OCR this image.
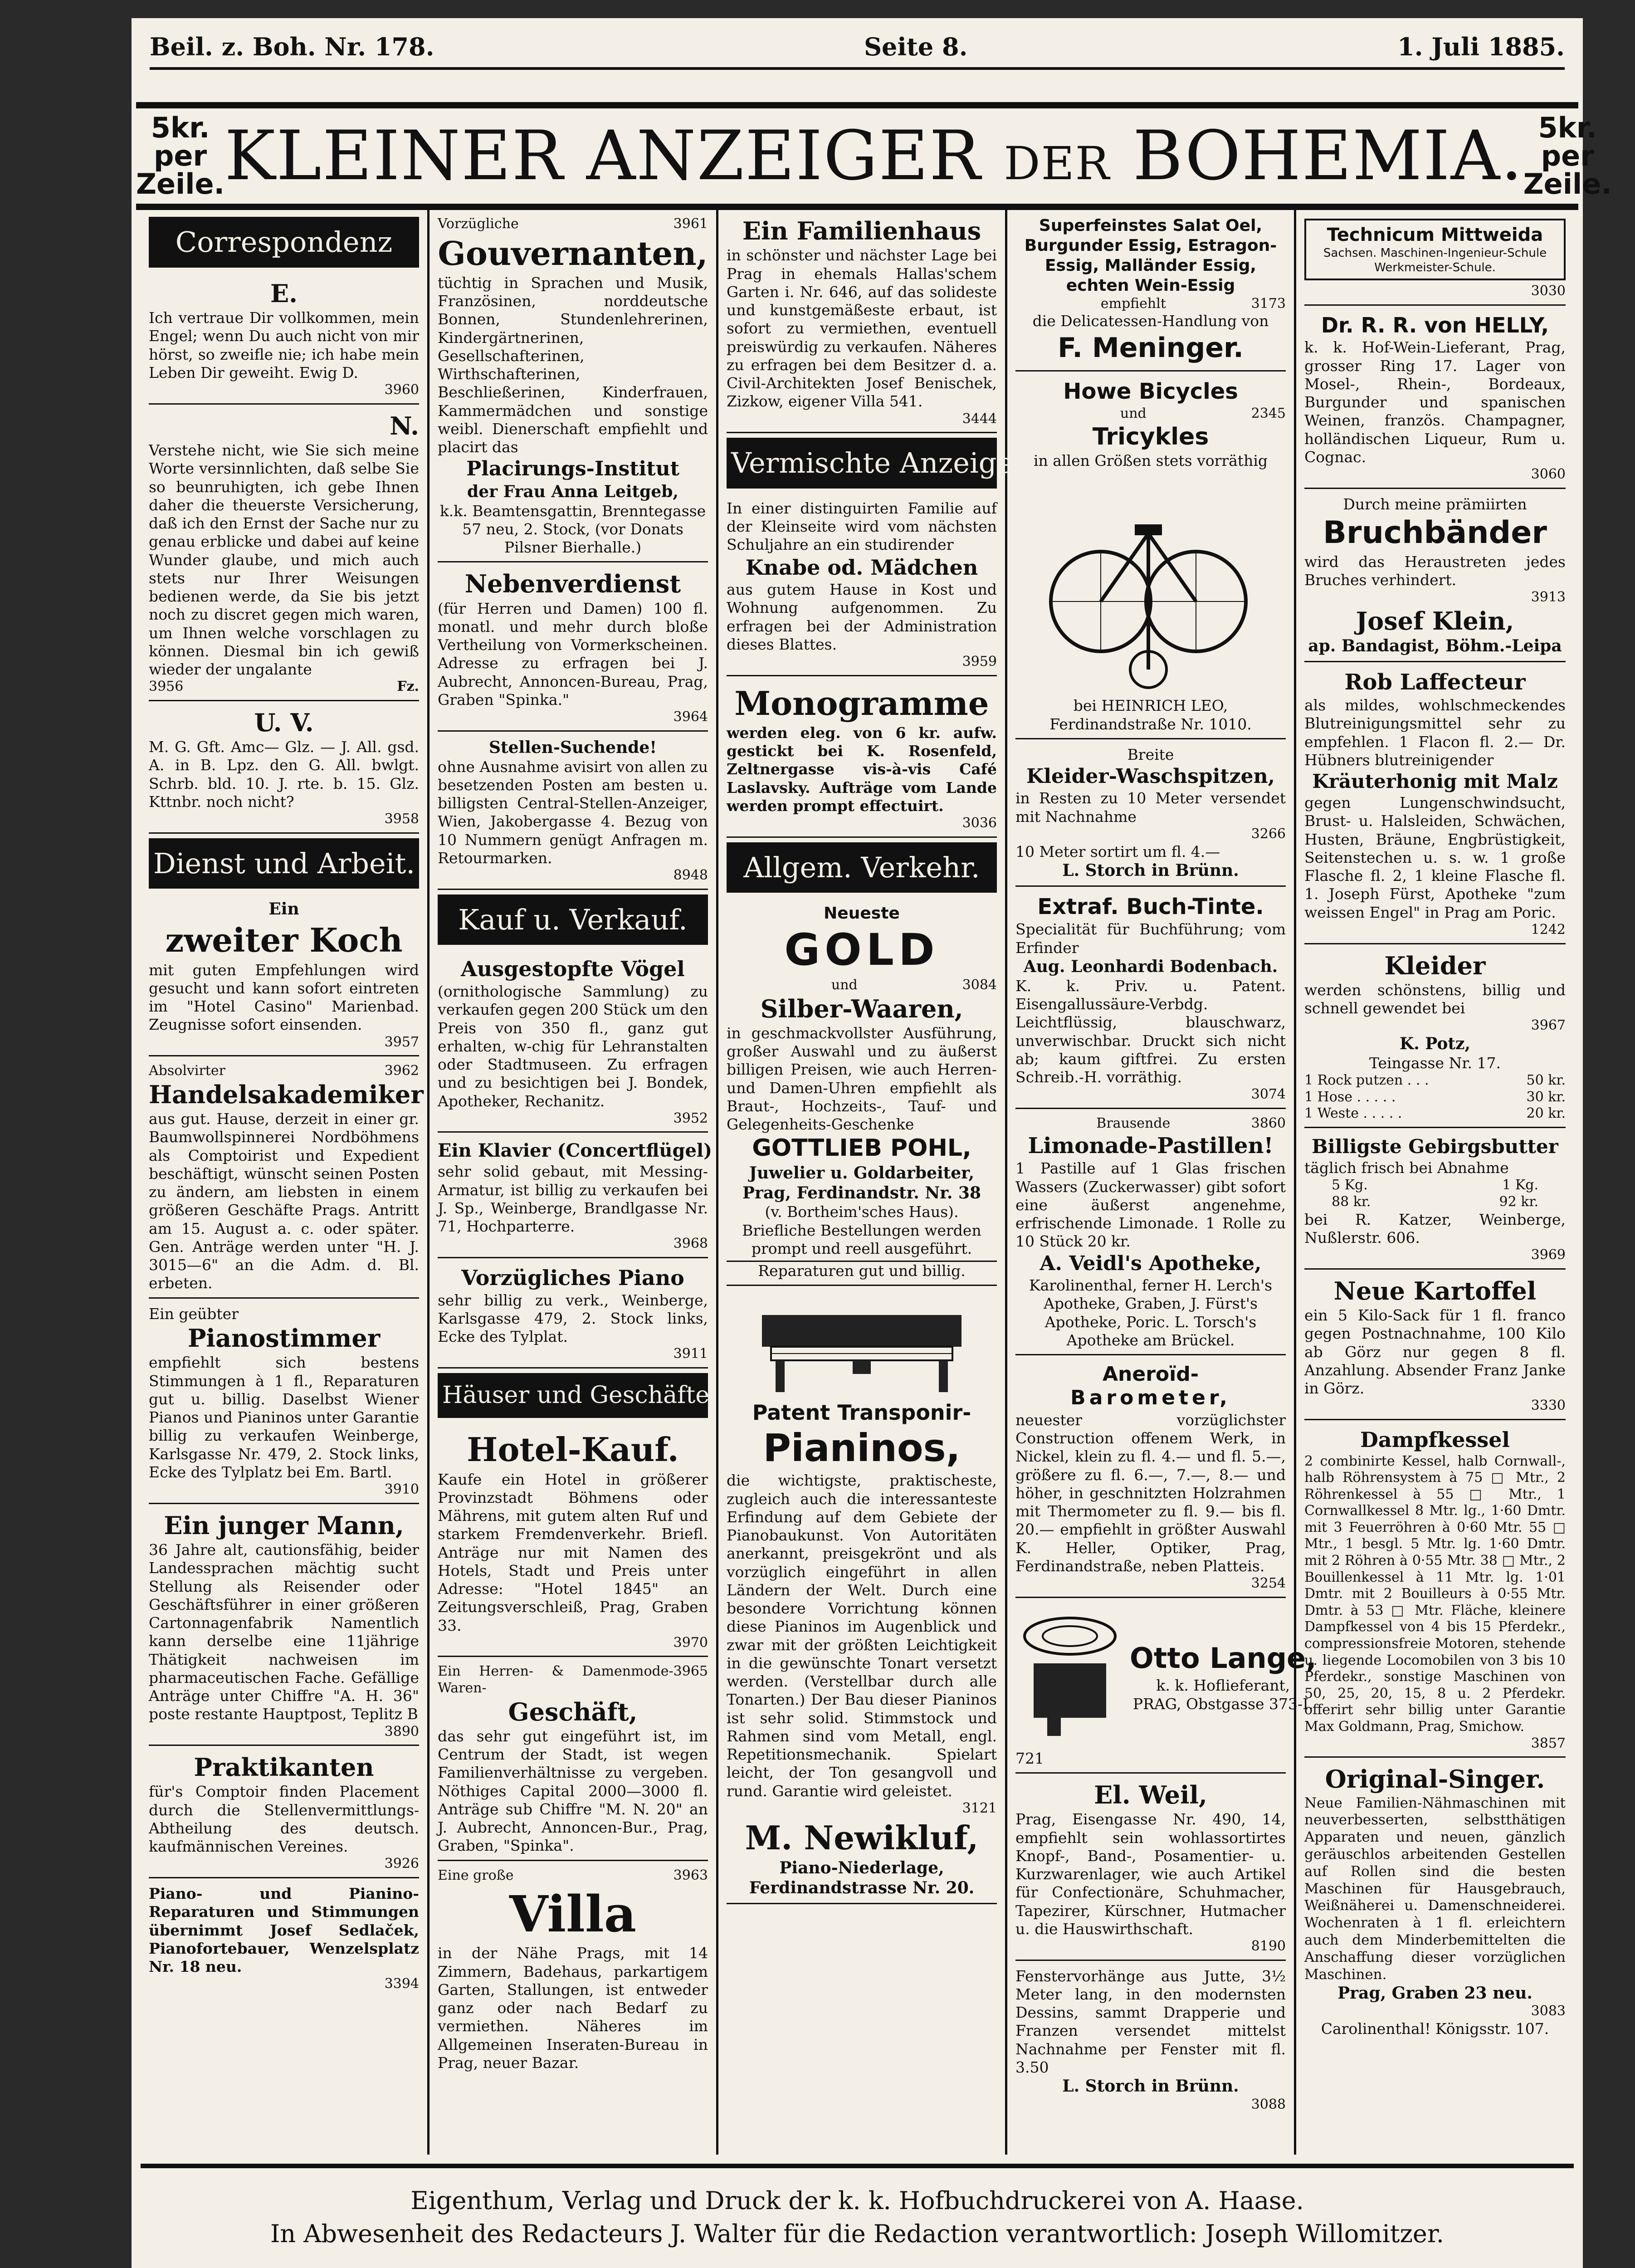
Beil. z. Boh. Nr. 178.	Seite 8.	1. Juli 1885.
5kr. per Zeile. KLEINER ANZEIGER DER BOHEMIA. 5kr. per Zeile.
Correspondenz
E.
Ich vertraue Dir vollkommen, mein Engel; wenn Du auch nicht von mir hörst, so zweifle nie; ich habe mein Leben Dir geweiht. Ewig D.
3960
N.
Verstehe nicht, wie Sie sich meine Worte versinnlichten, daß selbe Sie so beunruhigten, ich gebe Ihnen daher die theuerste Versicherung, daß ich den Ernst der Sache nur zu genau erblicke und dabei auf keine Wunder glaube, und mich auch stets nur Ihrer Weisungen bedienen werde, da Sie bis jetzt noch zu discret gegen mich waren, um Ihnen welche vorschlagen zu können. Diesmal bin ich gewiß wieder der ungalante
3956	Fz.
U. V.
M. G. Gft. Amc— Glz. — J. All. gsd. A. in B. Lpz. den G. All. bwlgt. Schrb. bld. 10. J. rte. b. 15. Glz. Kttnbr. noch nicht?
3958
Dienst und Arbeit.
Ein
zweiter Koch
mit guten Empfehlungen wird gesucht und kann sofort eintreten im "Hotel Casino" Marienbad. Zeugnisse sofort einsenden.
3957
Absolvirter	3962
Handelsakademiker
aus gut. Hause, derzeit in einer gr. Baumwollspinnerei Nordböhmens als Comptoirist und Expedient beschäftigt, wünscht seinen Posten zu ändern, am liebsten in einem größeren Geschäfte Prags. Antritt am 15. August a. c. oder später. Gen. Anträge werden unter "H. J. 3015—6" an die Adm. d. Bl. erbeten.
Ein geübter
Pianostimmer
empfiehlt sich bestens Stimmungen à 1 fl., Reparaturen gut u. billig. Daselbst Wiener Pianos und Pianinos unter Garantie billig zu verkaufen Weinberge, Karlsgasse Nr. 479, 2. Stock links, Ecke des Tylplatz bei Em. Bartl.
3910
Ein junger Mann,
36 Jahre alt, cautionsfähig, beider Landessprachen mächtig sucht Stellung als Reisender oder Geschäftsführer in einer größeren Cartonnagenfabrik Namentlich kann derselbe eine 11jährige Thätigkeit nachweisen im pharmaceutischen Fache. Gefällige Anträge unter Chiffre "A. H. 36" poste restante Hauptpost, Teplitz B
3890
Praktikanten
für's Comptoir finden Placement durch die Stellenvermittlungs-Abtheilung des deutsch. kaufmännischen Vereines.
3926
Piano- und Pianino-Reparaturen und Stimmungen übernimmt Josef Sedlaček, Pianofortebauer, Wenzelsplatz Nr. 18 neu.
3394
Vorzügliche	3961
Gouvernanten,
tüchtig in Sprachen und Musik, Französinen, norddeutsche Bonnen, Stundenlehrerinen, Kindergärtnerinen, Gesellschafterinen, Wirthschafterinen, Beschließerinen, Kinderfrauen, Kammermädchen und sonstige weibl. Dienerschaft empfiehlt und placirt das
Placirungs-Institut
der Frau Anna Leitgeb,
k.k. Beamtensgattin, Brenntegasse 57 neu, 2. Stock, (vor Donats Pilsner Bierhalle.)
Nebenverdienst
(für Herren und Damen) 100 fl. monatl. und mehr durch bloße Vertheilung von Vormerkscheinen. Adresse zu erfragen bei J. Aubrecht, Annoncen-Bureau, Prag, Graben "Spinka."
3964
Stellen-Suchende!
ohne Ausnahme avisirt von allen zu besetzenden Posten am besten u. billigsten Central-Stellen-Anzeiger, Wien, Jakobergasse 4. Bezug von 10 Nummern genügt Anfragen m. Retourmarken.
8948
Kauf u. Verkauf.
Ausgestopfte Vögel
(ornithologische Sammlung) zu verkaufen gegen 200 Stück um den Preis von 350 fl., ganz gut erhalten, w-chig für Lehranstalten oder Stadtmuseen. Zu erfragen und zu besichtigen bei J. Bondek, Apotheker, Rechanitz.
3952
Ein Klavier (Concertflügel)
sehr solid gebaut, mit Messing-Armatur, ist billig zu verkaufen bei J. Sp., Weinberge, Brandlgasse Nr. 71, Hochparterre.
3968
Vorzügliches Piano
sehr billig zu verk., Weinberge, Karlsgasse 479, 2. Stock links, Ecke des Tylplat.
3911
Häuser und Geschäfte.
Hotel-Kauf.
Kaufe ein Hotel in größerer Provinzstadt Böhmens oder Mährens, mit gutem alten Ruf und starkem Fremdenverkehr. Briefl. Anträge nur mit Namen des Hotels, Stadt und Preis unter Adresse: "Hotel 1845" an Zeitungsverschleiß, Prag, Graben 33.
3970
Ein Herren- & Damenmode-Waren-
3965
Geschäft,
das sehr gut eingeführt ist, im Centrum der Stadt, ist wegen Familienverhältnisse zu vergeben. Nöthiges Capital 2000—3000 fl. Anträge sub Chiffre "M. N. 20" an J. Aubrecht, Annoncen-Bur., Prag, Graben, "Spinka".
Eine große	3963
Villa
in der Nähe Prags, mit 14 Zimmern, Badehaus, parkartigem Garten, Stallungen, ist entweder ganz oder nach Bedarf zu vermiethen. Näheres im Allgemeinen Inseraten-Bureau in Prag, neuer Bazar.
Ein Familienhaus
in schönster und nächster Lage bei Prag in ehemals Hallas'schem Garten i. Nr. 646, auf das solideste und kunstgemäßeste erbaut, ist sofort zu vermiethen, eventuell preiswürdig zu verkaufen. Näheres zu erfragen bei dem Besitzer d. a. Civil-Architekten Josef Benischek, Zizkow, eigener Villa 541.
3444
Vermischte Anzeigen.
In einer distinguirten Familie auf der Kleinseite wird vom nächsten Schuljahre an ein studirender
Knabe od. Mädchen
aus gutem Hause in Kost und Wohnung aufgenommen. Zu erfragen bei der Administration dieses Blattes.
3959
Monogramme
werden eleg. von 6 kr. aufw. gestickt bei K. Rosenfeld, Zeltnergasse vis-à-vis Café Laslavsky. Aufträge vom Lande werden prompt effectuirt.
3036
Allgem. Verkehr.
Neueste
GOLD
und	3084
Silber-Waaren,
in geschmackvollster Ausführung, großer Auswahl und zu äußerst billigen Preisen, wie auch Herren- und Damen-Uhren empfiehlt als Braut-, Hochzeits-, Tauf- und Gelegenheits-Geschenke
GOTTLIEB POHL,
Juwelier u. Goldarbeiter, Prag, Ferdinandstr. Nr. 38
(v. Bortheim'sches Haus). Briefliche Bestellungen werden prompt und reell ausgeführt.
Reparaturen gut und billig.
Patent Transponir-
Pianinos,
die wichtigste, praktischeste, zugleich auch die interessanteste Erfindung auf dem Gebiete der Pianobaukunst. Von Autoritäten anerkannt, preisgekrönt und als vorzüglich eingeführt in allen Ländern der Welt. Durch eine besondere Vorrichtung können diese Pianinos im Augenblick und zwar mit der größten Leichtigkeit in die gewünschte Tonart versetzt werden. (Verstellbar durch alle Tonarten.) Der Bau dieser Pianinos ist sehr solid. Stimmstock und Rahmen sind vom Metall, engl. Repetitionsmechanik. Spielart leicht, der Ton gesangvoll und rund. Garantie wird geleistet.
3121
M. Newikluf,
Piano-Niederlage, Ferdinandstrasse Nr. 20.
Superfeinstes Salat Oel, Burgunder Essig, Estragon-Essig, Malländer Essig, echten Wein-Essig
empfiehlt	3173
die Delicatessen-Handlung von
F. Meninger.
Howe Bicycles
und	2345
Tricykles
in allen Größen stets vorräthig
bei HEINRICH LEO, Ferdinandstraße Nr. 1010.
Breite
Kleider-Waschspitzen,
in Resten zu 10 Meter versendet mit Nachnahme
3266
10 Meter sortirt um fl. 4.—
L. Storch in Brünn.
Extraf. Buch-Tinte.
Specialität für Buchführung; vom Erfinder
Aug. Leonhardi Bodenbach.
K. k. Priv. u. Patent. Eisengallussäure-Verbdg. Leichtflüssig, blauschwarz, unverwischbar. Druckt sich nicht ab; kaum giftfrei. Zu ersten Schreib.-H. vorräthig.
3074
Brausende	3860
Limonade-Pastillen!
1 Pastille auf 1 Glas frischen Wassers (Zuckerwasser) gibt sofort eine äußerst angenehme, erfrischende Limonade. 1 Rolle zu 10 Stück 20 kr.
A. Veidl's Apotheke,
Karolinenthal, ferner H. Lerch's Apotheke, Graben, J. Fürst's Apotheke, Poric. L. Torsch's Apotheke am Brückel.
Aneroïd-
Barometer,
neuester vorzüglichster Construction offenem Werk, in Nickel, klein zu fl. 4.— und fl. 5.—, größere zu fl. 6.—, 7.—, 8.— und höher, in geschnitzten Holzrahmen mit Thermometer zu fl. 9.— bis fl. 20.— empfiehlt in größter Auswahl K. Heller, Optiker, Prag, Ferdinandstraße, neben Platteis.
3254
Otto Lange,
k. k. Hoflieferant, PRAG, Obstgasse 373-I.
721
El. Weil,
Prag, Eisengasse Nr. 490, 14, empfiehlt sein wohlassortirtes Knopf-, Band-, Posamentier- u. Kurzwarenlager, wie auch Artikel für Confectionäre, Schuhmacher, Tapezirer, Kürschner, Hutmacher u. die Hauswirthschaft.
8190
Fenstervorhänge aus Jutte, 3½ Meter lang, in den modernsten Dessins, sammt Drapperie und Franzen versendet mittelst Nachnahme per Fenster mit fl. 3.50
L. Storch in Brünn.
3088
Technicum Mittweida
Sachsen. Maschinen-Ingenieur-Schule Werkmeister-Schule.
3030
Dr. R. R. von HELLY,
k. k. Hof-Wein-Lieferant, Prag, grosser Ring 17. Lager von Mosel-, Rhein-, Bordeaux, Burgunder und spanischen Weinen, französ. Champagner, holländischen Liqueur, Rum u. Cognac.
3060
Durch meine prämiirten
Bruchbänder
wird das Heraustreten jedes Bruches verhindert.
3913
Josef Klein,
ap. Bandagist, Böhm.-Leipa
Rob Laffecteur
als mildes, wohlschmeckendes Blutreinigungsmittel sehr zu empfehlen. 1 Flacon fl. 2.— Dr. Hübners blutreinigender
Kräuterhonig mit Malz
gegen Lungenschwindsucht, Brust- u. Halsleiden, Schwächen, Husten, Bräune, Engbrüstigkeit, Seitenstechen u. s. w. 1 große Flasche fl. 2, 1 kleine Flasche fl. 1. Joseph Fürst, Apotheke "zum weissen Engel" in Prag am Poric.
1242
Kleider
werden schönstens, billig und schnell gewendet bei
3967
K. Potz,
Teingasse Nr. 17.
1 Rock putzen . . .	50 kr.
1 Hose . . . . .	30 kr.
1 Weste . . . . .	20 kr.
Billigste Gebirgsbutter
täglich frisch bei Abnahme
5 Kg.	1 Kg.
88 kr.	92 kr.
bei R. Katzer, Weinberge, Nußlerstr. 606.
3969
Neue Kartoffel
ein 5 Kilo-Sack für 1 fl. franco gegen Postnachnahme, 100 Kilo ab Görz nur gegen 8 fl. Anzahlung. Absender Franz Janke in Görz.
3330
Dampfkessel
2 combinirte Kessel, halb Cornwall-, halb Röhrensystem à 75 □ Mtr., 2 Röhrenkessel à 55 □ Mtr., 1 Cornwallkessel 8 Mtr. lg., 1·60 Dmtr. mit 3 Feuerröhren à 0·60 Mtr. 55 □ Mtr., 1 besgl. 5 Mtr. lg. 1·60 Dmtr. mit 2 Röhren à 0·55 Mtr. 38 □ Mtr., 2 Bouillenkessel à 11 Mtr. lg. 1·01 Dmtr. mit 2 Bouilleurs à 0·55 Mtr. Dmtr. à 53 □ Mtr. Fläche, kleinere Dampfkessel von 4 bis 15 Pferdekr., compressionsfreie Motoren, stehende u. liegende Locomobilen von 3 bis 10 Pferdekr., sonstige Maschinen von 50, 25, 20, 15, 8 u. 2 Pferdekr. offerirt sehr billig unter Garantie Max Goldmann, Prag, Smichow.
3857
Original-Singer.
Neue Familien-Nähmaschinen mit neuverbesserten, selbstthätigen Apparaten und neuen, gänzlich geräuschlos arbeitenden Gestellen auf Rollen sind die besten Maschinen für Hausgebrauch, Weißnäherei u. Damenschneiderei. Wochenraten à 1 fl. erleichtern auch dem Minderbemittelten die Anschaffung dieser vorzüglichen Maschinen.
Prag, Graben 23 neu.
3083
Carolinenthal! Königsstr. 107.

Eigenthum, Verlag und Druck der k. k. Hofbuchdruckerei von A. Haase.

In Abwesenheit des Redacteurs J. Walter für die Redaction verantwortlich: Joseph Willomitzer.
